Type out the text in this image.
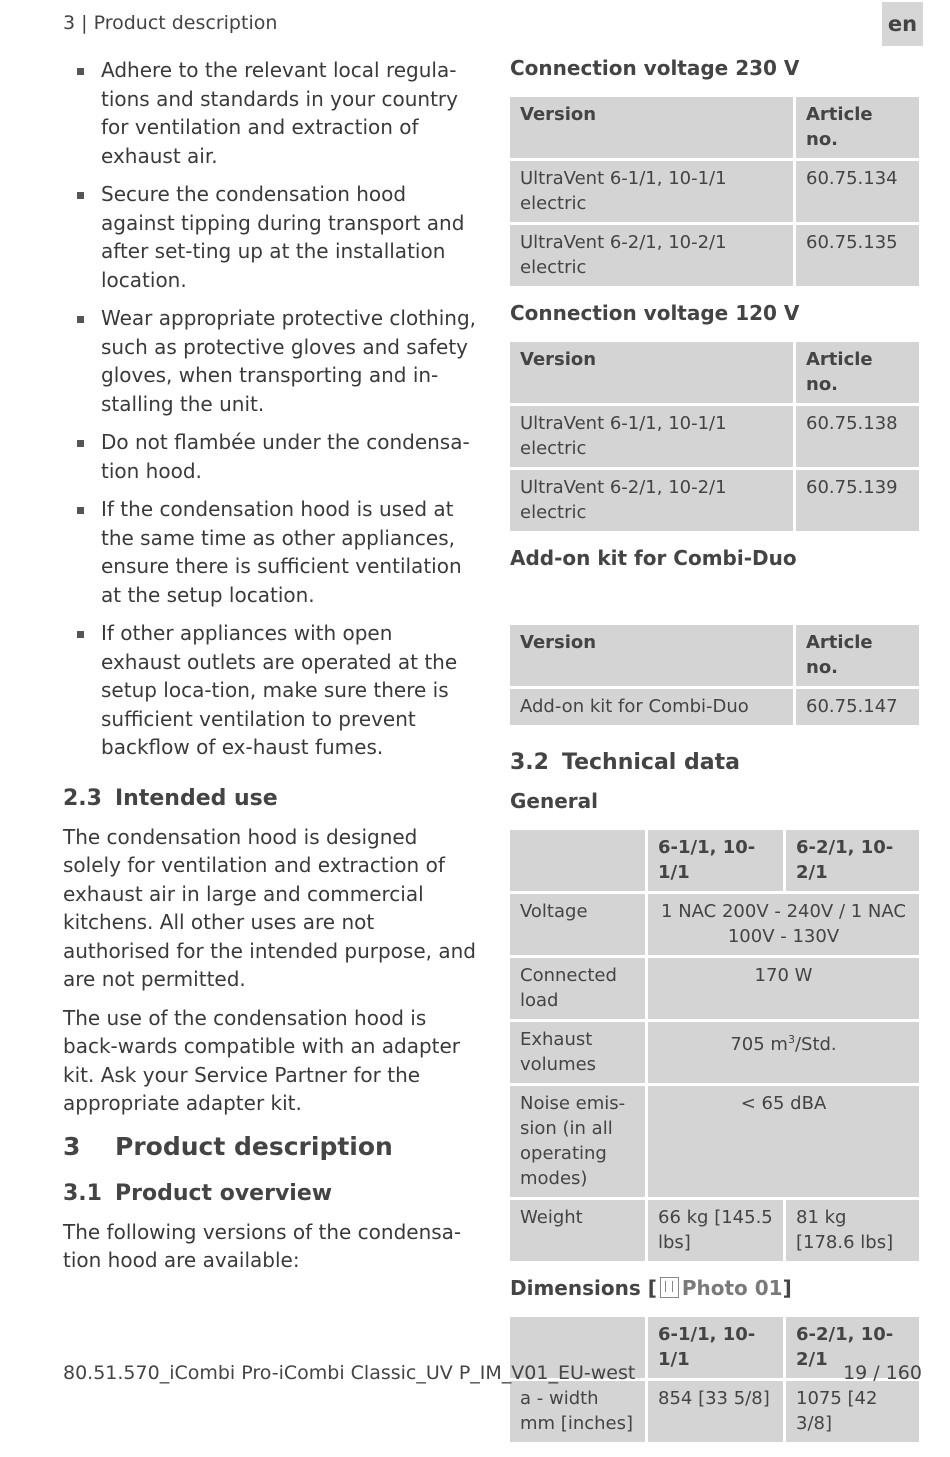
3 | Product description	en
Adhere to the relevant local regula-tions and standards in your country for ventilation and extraction of exhaust air.
Secure the condensation hood against tipping during transport and after set-ting up at the installation location.
Wear appropriate protective clothing, such as protective gloves and safety gloves, when transporting and in-stalling the unit.
Do not flambée under the condensa-tion hood.
If the condensation hood is used at the same time as other appliances, ensure there is sufficient ventilation at the setup location.
If other appliances with open exhaust outlets are operated at the setup loca-tion, make sure there is sufficient ventilation to prevent backflow of ex-haust fumes.
2.3 Intended use

The condensation hood is designed solely for ventilation and extraction of exhaust air in large and commercial kitchens. All other uses are not authorised for the intended purpose, and are not permitted.

The use of the condensation hood is back-wards compatible with an adapter kit. Ask your Service Partner for the appropriate adapter kit.

3 Product description
3.1 Product overview

The following versions of the condensa-tion hood are available:

Connection voltage 230 V
Version	Article no.
UltraVent 6-1/1, 10-1/1 electric	60.75.134
UltraVent 6-2/1, 10-2/1 electric	60.75.135
Connection voltage 120 V
Version	Article no.
UltraVent 6-1/1, 10-1/1 electric	60.75.138
UltraVent 6-2/1, 10-2/1 electric	60.75.139
Add-on kit for Combi-Duo
Version	Article no.
Add-on kit for Combi-Duo	60.75.147
3.2 Technical data
General
	6-1/1, 10-1/1	6-2/1, 10-2/1
Voltage	1 NAC 200V - 240V / 1 NAC 100V - 130V	
Connected load	170 W	
Exhaust volumes	705 $m^3$/Std.	
Noise emis-sion (in all operating modes)	< 65 dBA	
Weight	66 kg [145.5 lbs]	81 kg [178.6 lbs]
Dimensions [ Photo 01]
	6-1/1, 10-1/1	6-2/1, 10-2/1
a - width mm [inches]	854 [33 5/8]	1075 [42 3/8]
80.51.570_iCombi Pro-iCombi Classic_UV P_IM_V01_EU-west	19 / 160
